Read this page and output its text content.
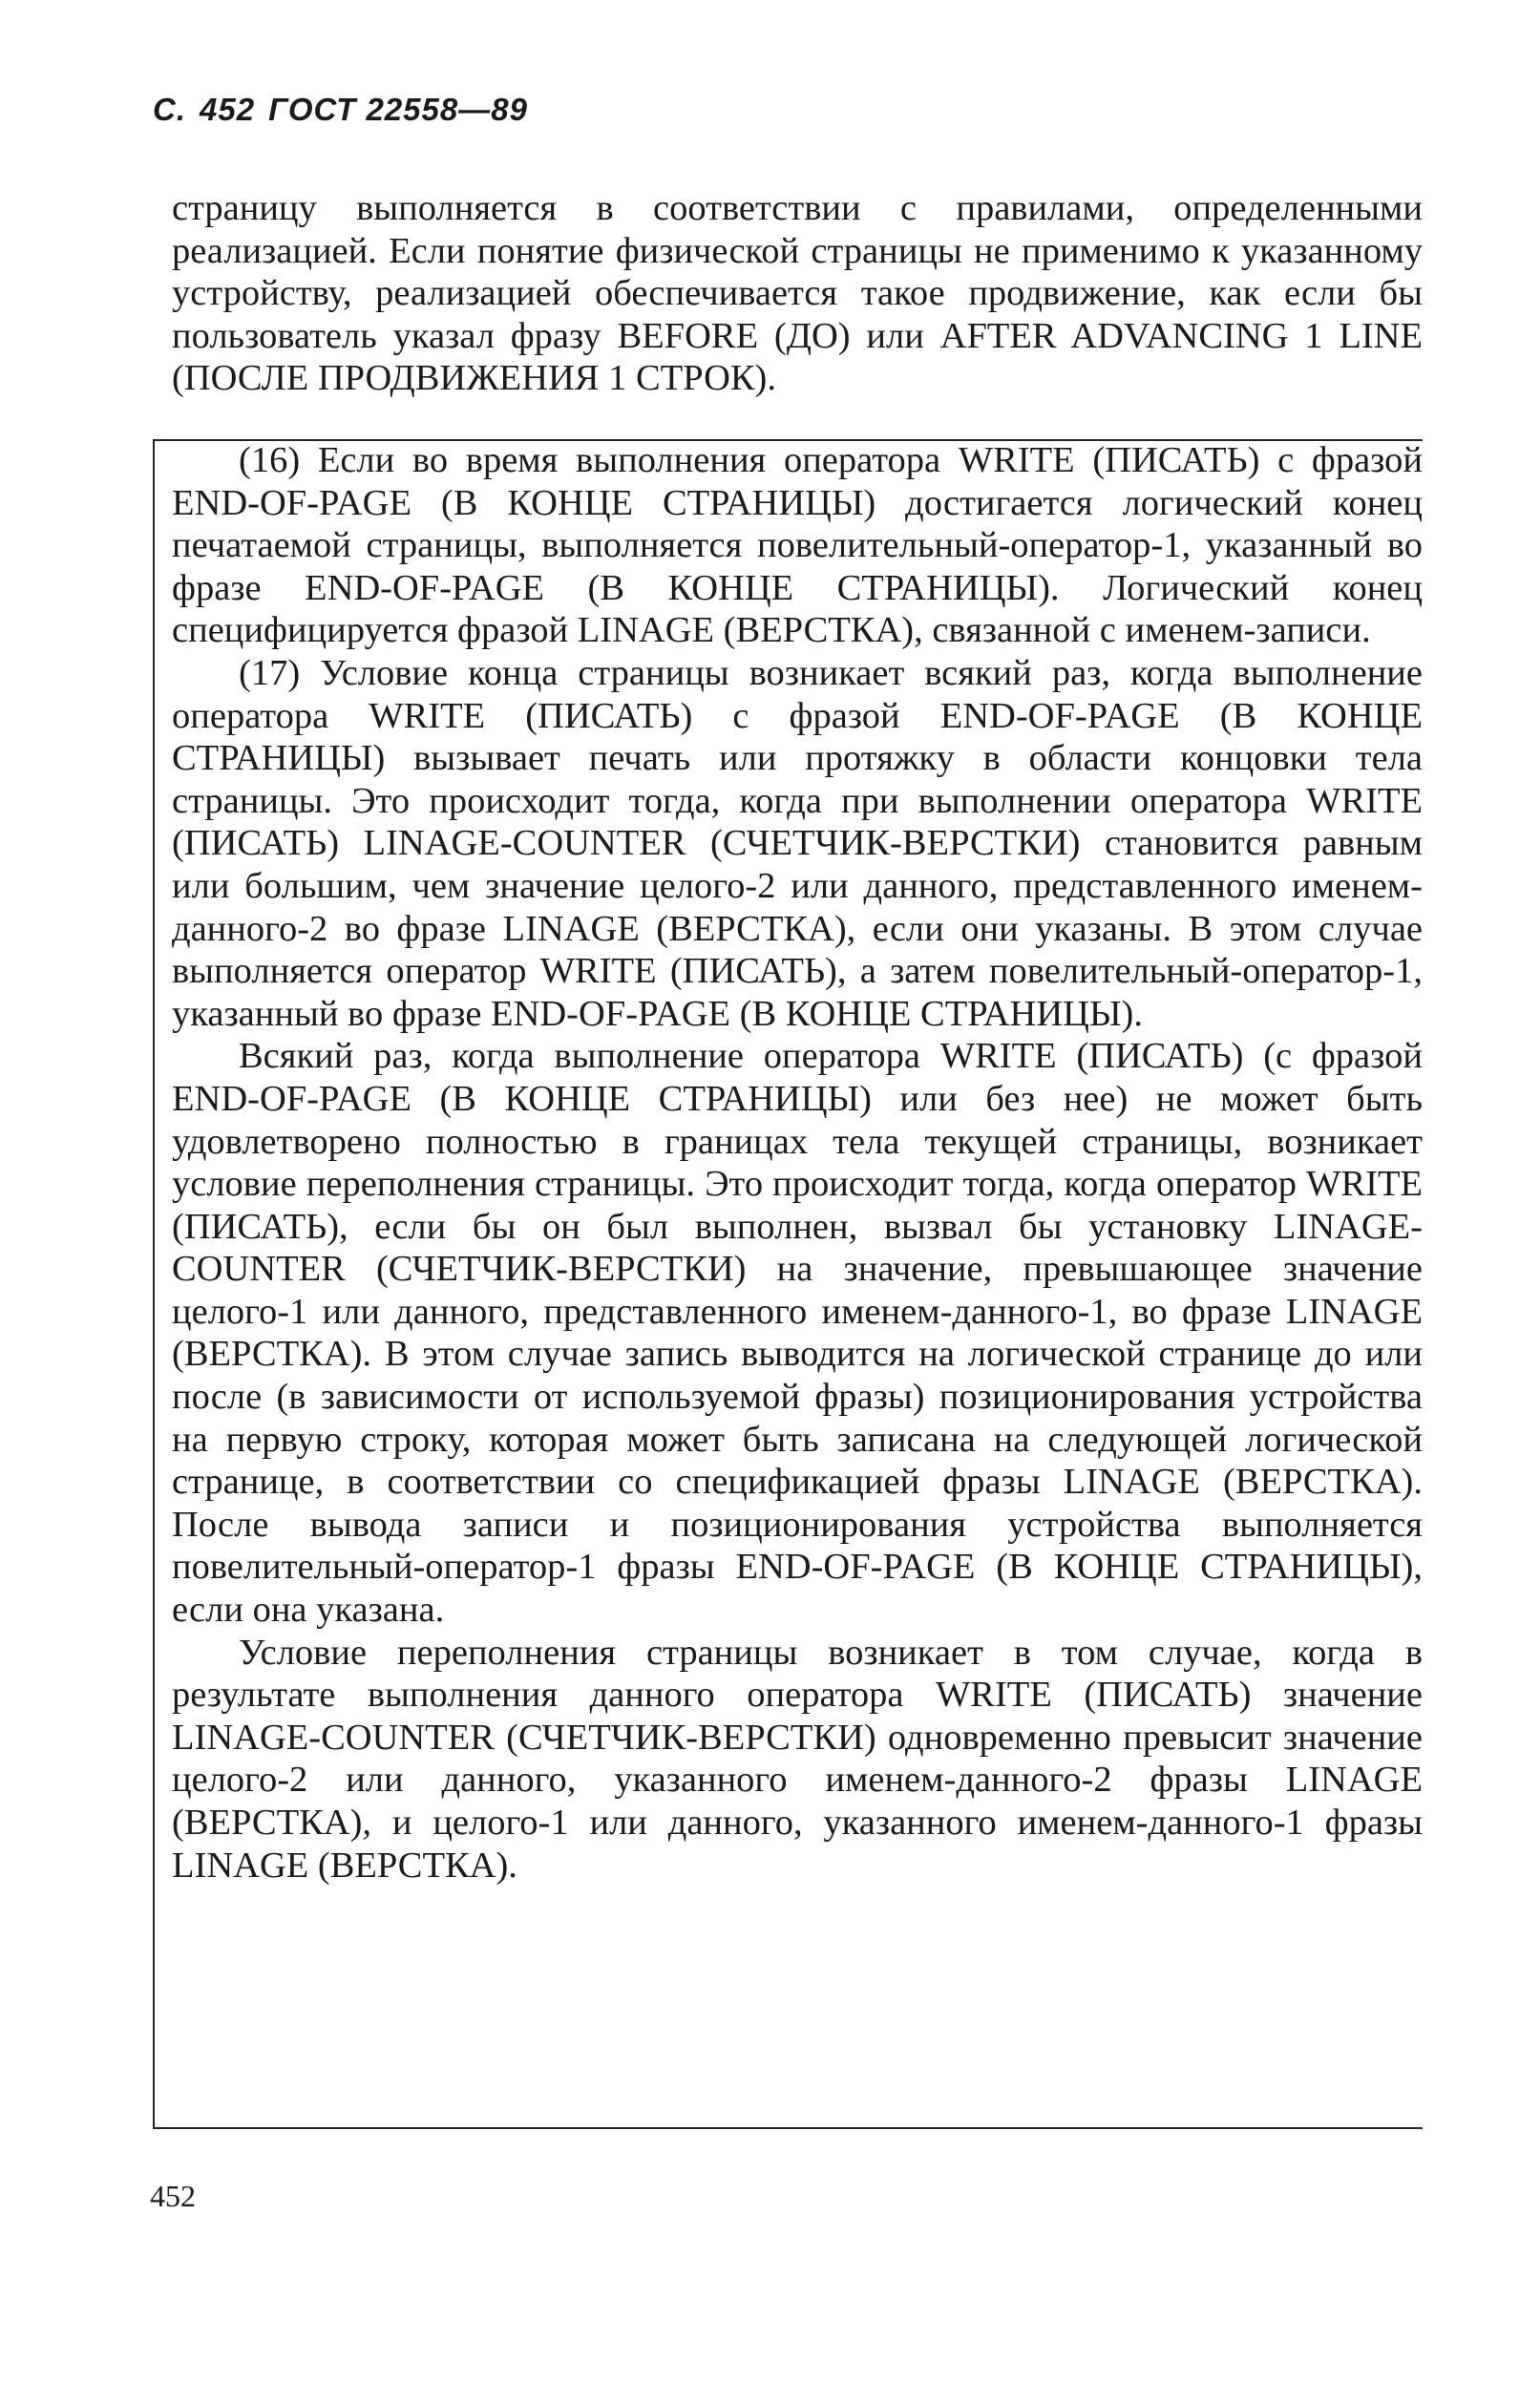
С. 452 ГОСТ 22558—89

страницу выполняется в соответствии с правилами, определенными реализацией. Если понятие физической страницы не применимо к указанному устройству, реализацией обеспечивается такое продвижение, как если бы пользователь указал фразу BEFORE (ДО) или AFTER ADVANCING 1 LINE (ПОСЛЕ ПРОДВИЖЕНИЯ 1 СТРОК).

(16) Если во время выполнения оператора WRITE (ПИСАТЬ) с фразой END-OF-PAGE (В КОНЦЕ СТРАНИЦЫ) достигается логический конец печатаемой страницы, выполняется повелительный-оператор-1, указанный во фразе END-OF-PAGE (В КОНЦЕ СТРАНИЦЫ). Логический конец специфицируется фразой LINAGE (ВЕРСТКА), связанной с именем-записи.

(17) Условие конца страницы возникает всякий раз, когда выполнение оператора WRITE (ПИСАТЬ) с фразой END-OF-PAGE (В КОНЦЕ СТРАНИЦЫ) вызывает печать или протяжку в области концовки тела страницы. Это происходит тогда, когда при выполнении оператора WRITE (ПИСАТЬ) LINAGE-COUNTER (СЧЕТЧИК-ВЕРСТКИ) становится равным или большим, чем значение целого-2 или данного, представленного именем-данного-2 во фразе LINAGE (ВЕРСТКА), если они указаны. В этом случае выполняется оператор WRITE (ПИСАТЬ), а затем повелительный-оператор-1, указанный во фразе END-OF-PAGE (В КОНЦЕ СТРАНИЦЫ).

Всякий раз, когда выполнение оператора WRITE (ПИСАТЬ) (с фразой END-OF-PAGE (В КОНЦЕ СТРАНИЦЫ) или без нее) не может быть удовлетворено полностью в границах тела текущей страницы, возникает условие переполнения страницы. Это происходит тогда, когда оператор WRITE (ПИСАТЬ), если бы он был выполнен, вызвал бы установку LINAGE-COUNTER (СЧЕТЧИК-ВЕРСТКИ) на значение, превышающее значение целого-1 или данного, представленного именем-данного-1, во фразе LINAGE (ВЕРСТКА). В этом случае запись выводится на логической странице до или после (в зависимости от используемой фразы) позиционирования устройства на первую строку, которая может быть записана на следующей логической странице, в соответствии со спецификацией фразы LINAGE (ВЕРСТКА). После вывода записи и позиционирования устройства выполняется повелительный-оператор-1 фразы END-OF-PAGE (В КОНЦЕ СТРАНИЦЫ), если она указана.

Условие переполнения страницы возникает в том случае, когда в результате выполнения данного оператора WRITE (ПИСАТЬ) значение LINAGE-COUNTER (СЧЕТЧИК-ВЕРСТКИ) одновременно превысит значение целого-2 или данного, указанного именем-данного-2 фразы LINAGE (ВЕРСТКА), и целого-1 или данного, указанного именем-данного-1 фразы LINAGE (ВЕРСТКА).

452
